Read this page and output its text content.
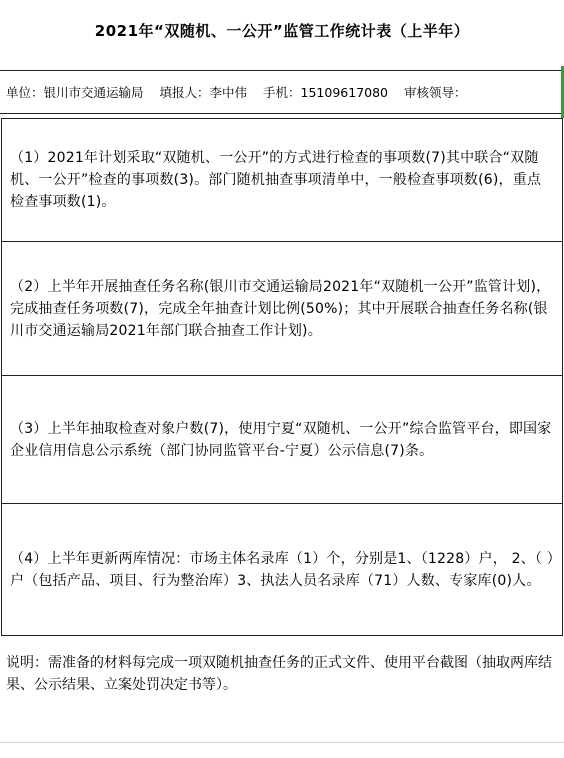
2021年“双随机、一公开”监管工作统计表（上半年）
单位：银川市交通运输局 填报人：李中伟 手机：15109617080 审核领导：
（1）2021年计划采取“双随机、一公开”的方式进行检查的事项数(7)其中联合“双随机、一公开”检查的事项数(3)。部门随机抽查事项清单中，一般检查事项数(6)，重点检查事项数(1)。
（2）上半年开展抽查任务名称(银川市交通运输局2021年“双随机一公开”监管计划)，完成抽查任务项数(7)，完成全年抽查计划比例(50%)；其中开展联合抽查任务名称(银川市交通运输局2021年部门联合抽查工作计划)。
（3）上半年抽取检查对象户数(7)，使用宁夏“双随机、一公开”综合监管平台，即国家企业信用信息公示系统（部门协同监管平台-宁夏）公示信息(7)条。
（4）上半年更新两库情况：市场主体名录库（1）个，分别是1、（1228）户， 2、（ ）户（包括产品、项目、行为整治库）3、执法人员名录库（71）人数、专家库(0)人。
说明：需准备的材料每完成一项双随机抽查任务的正式文件、使用平台截图（抽取两库结果、公示结果、立案处罚决定书等）。
